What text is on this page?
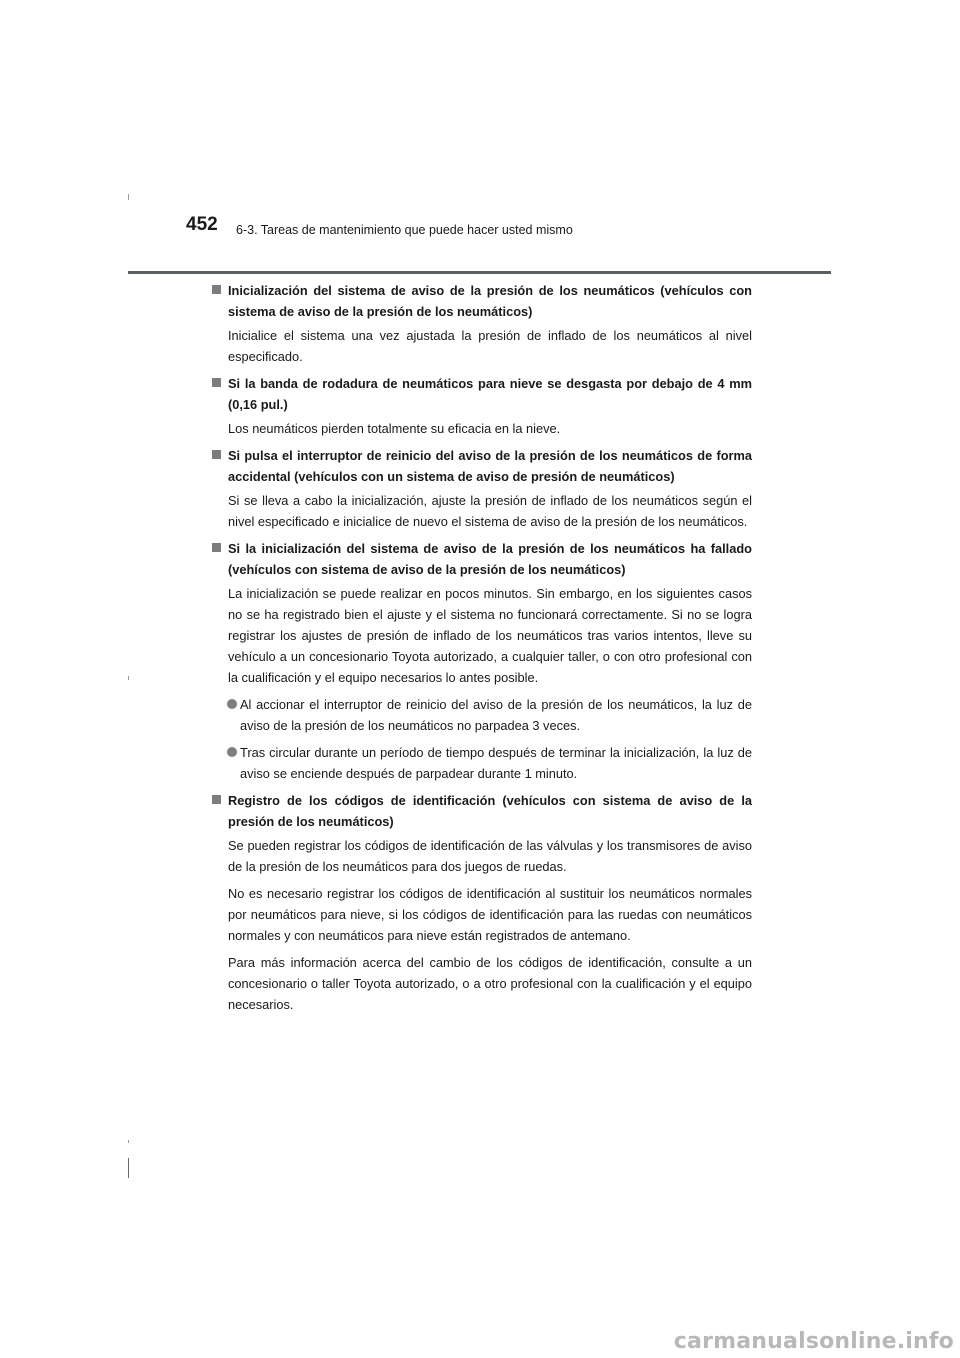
452 6-3. Tareas de mantenimiento que puede hacer usted mismo
Inicialización del sistema de aviso de la presión de los neumáticos (vehículos con sistema de aviso de la presión de los neumáticos)
Inicialice el sistema una vez ajustada la presión de inflado de los neumáticos al nivel especificado.
Si la banda de rodadura de neumáticos para nieve se desgasta por debajo de 4 mm (0,16 pul.)
Los neumáticos pierden totalmente su eficacia en la nieve.
Si pulsa el interruptor de reinicio del aviso de la presión de los neumáticos de forma accidental (vehículos con un sistema de aviso de presión de neumáticos)
Si se lleva a cabo la inicialización, ajuste la presión de inflado de los neumáticos según el nivel especificado e inicialice de nuevo el sistema de aviso de la presión de los neumáticos.
Si la inicialización del sistema de aviso de la presión de los neumáticos ha fallado (vehículos con sistema de aviso de la presión de los neumáticos)
La inicialización se puede realizar en pocos minutos. Sin embargo, en los siguientes casos no se ha registrado bien el ajuste y el sistema no funcionará correctamente. Si no se logra registrar los ajustes de presión de inflado de los neumáticos tras varios intentos, lleve su vehículo a un concesionario Toyota autorizado, a cualquier taller, o con otro profesional con la cualificación y el equipo necesarios lo antes posible.
Al accionar el interruptor de reinicio del aviso de la presión de los neumáticos, la luz de aviso de la presión de los neumáticos no parpadea 3 veces.
Tras circular durante un período de tiempo después de terminar la inicialización, la luz de aviso se enciende después de parpadear durante 1 minuto.
Registro de los códigos de identificación (vehículos con sistema de aviso de la presión de los neumáticos)
Se pueden registrar los códigos de identificación de las válvulas y los transmisores de aviso de la presión de los neumáticos para dos juegos de ruedas.
No es necesario registrar los códigos de identificación al sustituir los neumáticos normales por neumáticos para nieve, si los códigos de identificación para las ruedas con neumáticos normales y con neumáticos para nieve están registrados de antemano.
Para más información acerca del cambio de los códigos de identificación, consulte a un concesionario o taller Toyota autorizado, o a otro profesional con la cualificación y el equipo necesarios.
carmanualsonline.info
